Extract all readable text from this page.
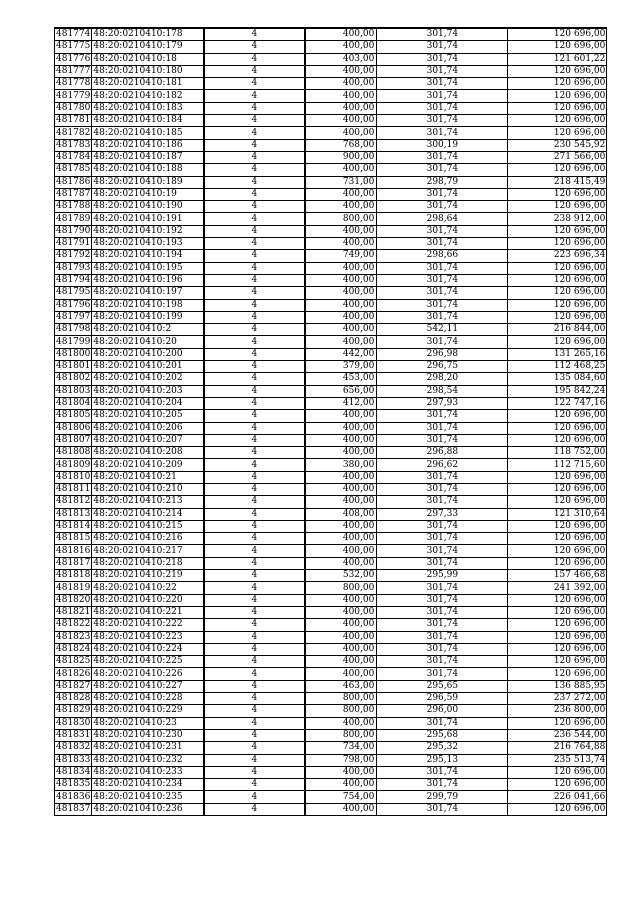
481774	48:20:0210410:178	4	400,00	301,74	120 696,00
481775	48:20:0210410:179	4	400,00	301,74	120 696,00
481776	48:20:0210410:18	4	403,00	301,74	121 601,22
481777	48:20:0210410:180	4	400,00	301,74	120 696,00
481778	48:20:0210410:181	4	400,00	301,74	120 696,00
481779	48:20:0210410:182	4	400,00	301,74	120 696,00
481780	48:20:0210410:183	4	400,00	301,74	120 696,00
481781	48:20:0210410:184	4	400,00	301,74	120 696,00
481782	48:20:0210410:185	4	400,00	301,74	120 696,00
481783	48:20:0210410:186	4	768,00	300,19	230 545,92
481784	48:20:0210410:187	4	900,00	301,74	271 566,00
481785	48:20:0210410:188	4	400,00	301,74	120 696,00
481786	48:20:0210410:189	4	731,00	298,79	218 415,49
481787	48:20:0210410:19	4	400,00	301,74	120 696,00
481788	48:20:0210410:190	4	400,00	301,74	120 696,00
481789	48:20:0210410:191	4	800,00	298,64	238 912,00
481790	48:20:0210410:192	4	400,00	301,74	120 696,00
481791	48:20:0210410:193	4	400,00	301,74	120 696,00
481792	48:20:0210410:194	4	749,00	298,66	223 696,34
481793	48:20:0210410:195	4	400,00	301,74	120 696,00
481794	48:20:0210410:196	4	400,00	301,74	120 696,00
481795	48:20:0210410:197	4	400,00	301,74	120 696,00
481796	48:20:0210410:198	4	400,00	301,74	120 696,00
481797	48:20:0210410:199	4	400,00	301,74	120 696,00
481798	48:20:0210410:2	4	400,00	542,11	216 844,00
481799	48:20:0210410:20	4	400,00	301,74	120 696,00
481800	48:20:0210410:200	4	442,00	296,98	131 265,16
481801	48:20:0210410:201	4	379,00	296,75	112 468,25
481802	48:20:0210410:202	4	453,00	298,20	135 084,60
481803	48:20:0210410:203	4	656,00	298,54	195 842,24
481804	48:20:0210410:204	4	412,00	297,93	122 747,16
481805	48:20:0210410:205	4	400,00	301,74	120 696,00
481806	48:20:0210410:206	4	400,00	301,74	120 696,00
481807	48:20:0210410:207	4	400,00	301,74	120 696,00
481808	48:20:0210410:208	4	400,00	296,88	118 752,00
481809	48:20:0210410:209	4	380,00	296,62	112 715,60
481810	48:20:0210410:21	4	400,00	301,74	120 696,00
481811	48:20:0210410:210	4	400,00	301,74	120 696,00
481812	48:20:0210410:213	4	400,00	301,74	120 696,00
481813	48:20:0210410:214	4	408,00	297,33	121 310,64
481814	48:20:0210410:215	4	400,00	301,74	120 696,00
481815	48:20:0210410:216	4	400,00	301,74	120 696,00
481816	48:20:0210410:217	4	400,00	301,74	120 696,00
481817	48:20:0210410:218	4	400,00	301,74	120 696,00
481818	48:20:0210410:219	4	532,00	295,99	157 466,68
481819	48:20:0210410:22	4	800,00	301,74	241 392,00
481820	48:20:0210410:220	4	400,00	301,74	120 696,00
481821	48:20:0210410:221	4	400,00	301,74	120 696,00
481822	48:20:0210410:222	4	400,00	301,74	120 696,00
481823	48:20:0210410:223	4	400,00	301,74	120 696,00
481824	48:20:0210410:224	4	400,00	301,74	120 696,00
481825	48:20:0210410:225	4	400,00	301,74	120 696,00
481826	48:20:0210410:226	4	400,00	301,74	120 696,00
481827	48:20:0210410:227	4	463,00	295,65	136 885,95
481828	48:20:0210410:228	4	800,00	296,59	237 272,00
481829	48:20:0210410:229	4	800,00	296,00	236 800,00
481830	48:20:0210410:23	4	400,00	301,74	120 696,00
481831	48:20:0210410:230	4	800,00	295,68	236 544,00
481832	48:20:0210410:231	4	734,00	295,32	216 764,88
481833	48:20:0210410:232	4	798,00	295,13	235 513,74
481834	48:20:0210410:233	4	400,00	301,74	120 696,00
481835	48:20:0210410:234	4	400,00	301,74	120 696,00
481836	48:20:0210410:235	4	754,00	299,79	226 041,66
481837	48:20:0210410:236	4	400,00	301,74	120 696,00
